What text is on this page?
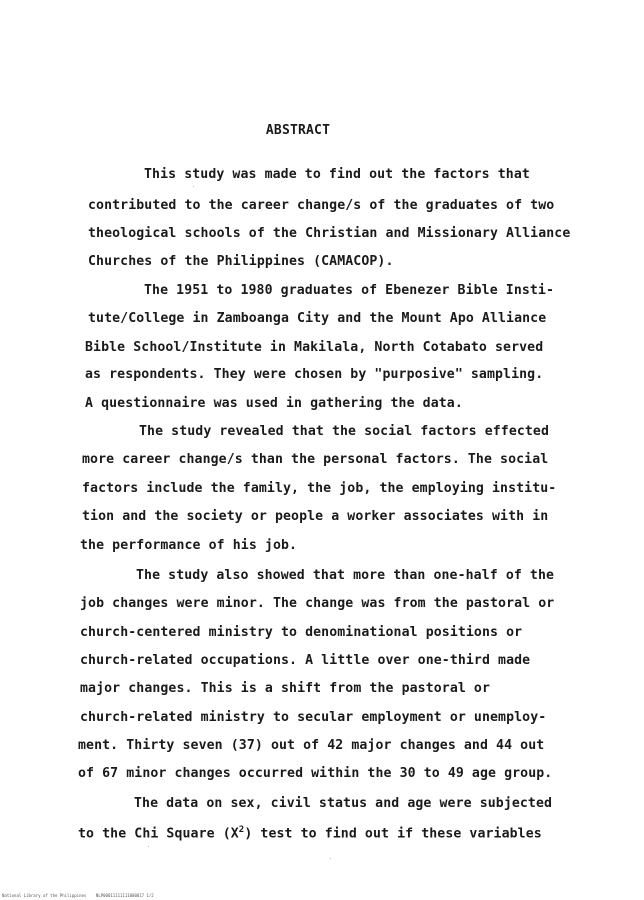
ABSTRACT
This study was made to find out the factors that
contributed to the career change/s of the graduates of two
theological schools of the Christian and Missionary Alliance
Churches of the Philippines (CAMACOP).
The 1951 to 1980 graduates of Ebenezer Bible Insti-
tute/College in Zamboanga City and the Mount Apo Alliance
Bible School/Institute in Makilala, North Cotabato served
as respondents. They were chosen by "purposive" sampling.
A questionnaire was used in gathering the data.
The study revealed that the social factors effected
more career change/s than the personal factors. The social
factors include the family, the job, the employing institu-
tion and the society or people a worker associates with in
the performance of his job.
The study also showed that more than one-half of the
job changes were minor. The change was from the pastoral or
church-centered ministry to denominational positions or
church-related occupations. A little over one-third made
major changes. This is a shift from the pastoral or
church-related ministry to secular employment or unemploy-
ment. Thirty seven (37) out of 42 major changes and 44 out
of 67 minor changes occurred within the 30 to 49 age group.
The data on sex, civil status and age were subjected
to the Chi Square $(X^2)$ test to find out if these variables
National Library of the Philippines    NLP00011111111000017 1/2
